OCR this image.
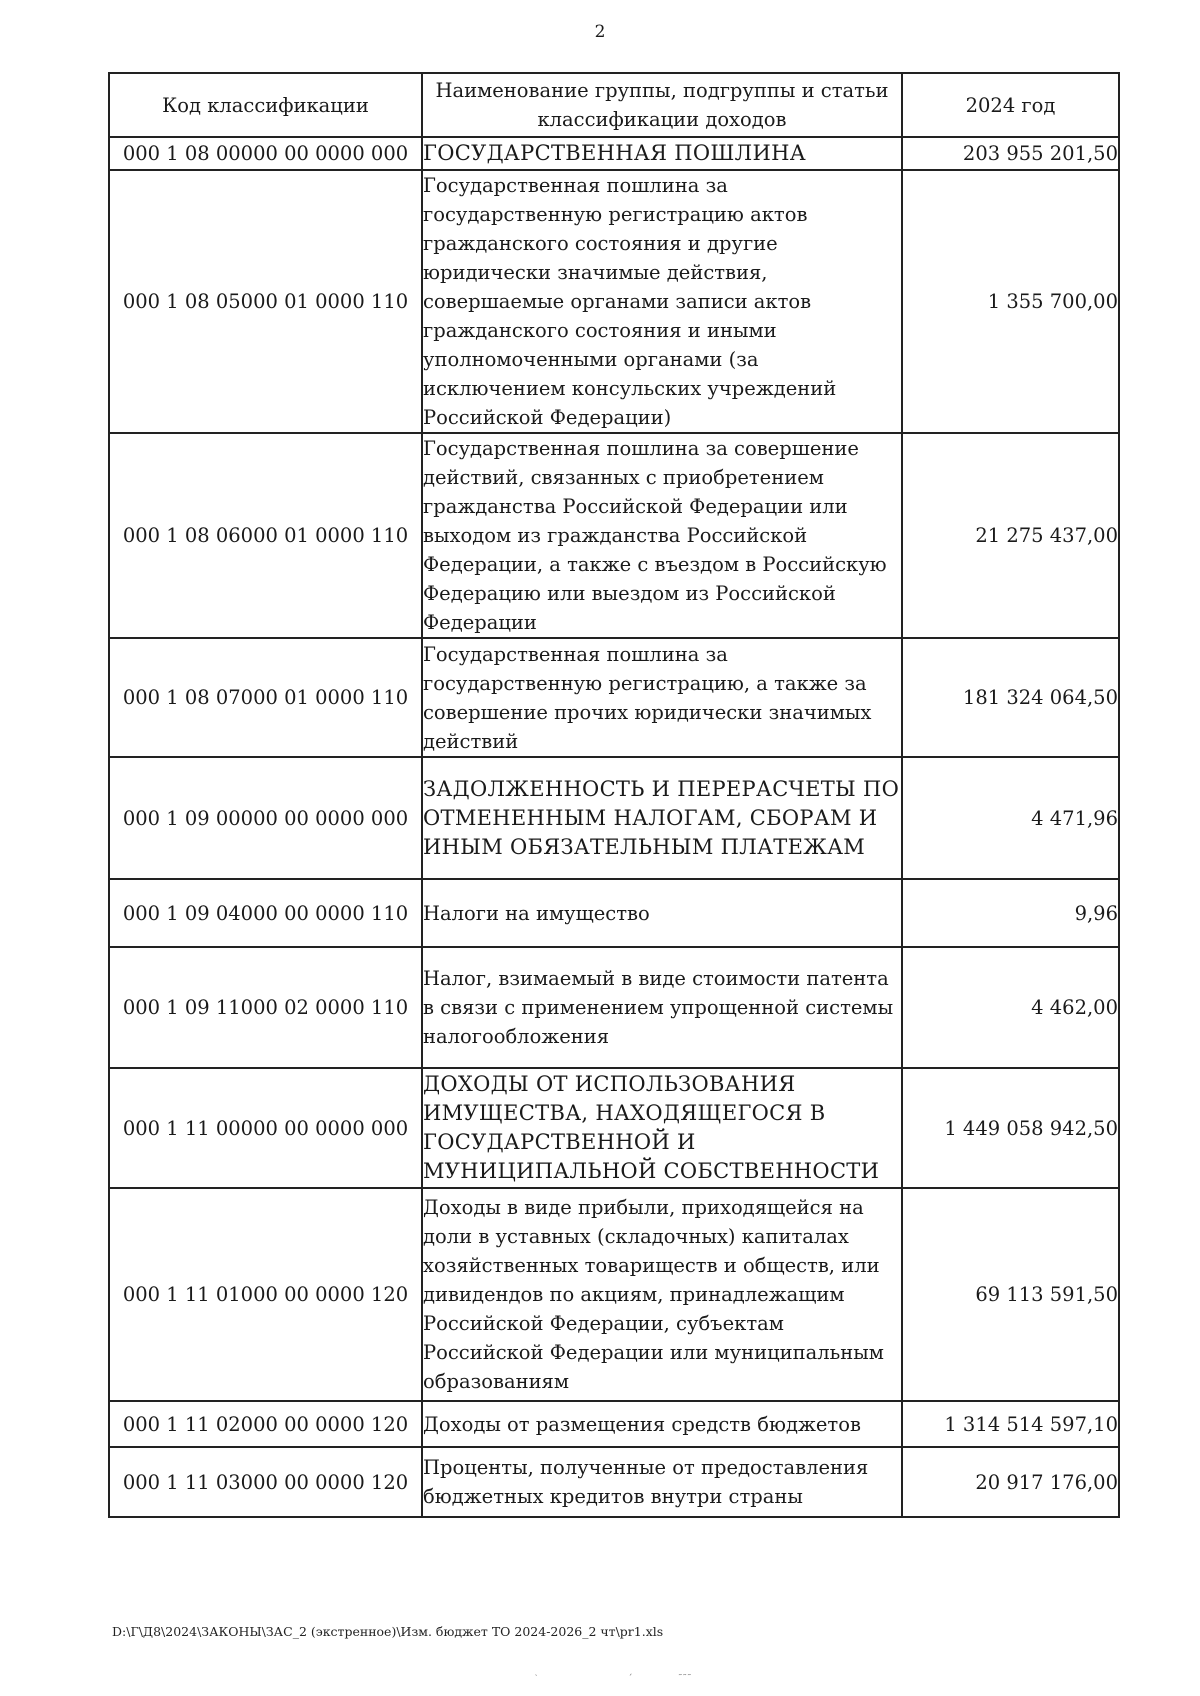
2
Код классификации	Наименование группы, подгруппы и статьи классификации доходов	2024 год
000 1 08 00000 00 0000 000	ГОСУДАРСТВЕННАЯ ПОШЛИНА	203 955 201,50
000 1 08 05000 01 0000 110	Государственная пошлина за государственную регистрацию актов гражданского состояния и другие юридически значимые действия, совершаемые органами записи актов гражданского состояния и иными уполномоченными органами (за исключением консульских учреждений Российской Федерации)	1 355 700,00
000 1 08 06000 01 0000 110	Государственная пошлина за совершение действий, связанных с приобретением гражданства Российской Федерации или выходом из гражданства Российской Федерации, а также с въездом в Российскую Федерацию или выездом из Российской Федерации	21 275 437,00
000 1 08 07000 01 0000 110	Государственная пошлина за государственную регистрацию, а также за совершение прочих юридически значимых действий	181 324 064,50
000 1 09 00000 00 0000 000	ЗАДОЛЖЕННОСТЬ И ПЕРЕРАСЧЕТЫ ПО ОТМЕНЕННЫМ НАЛОГАМ, СБОРАМ И ИНЫМ ОБЯЗАТЕЛЬНЫМ ПЛАТЕЖАМ	4 471,96
000 1 09 04000 00 0000 110	Налоги на имущество	9,96
000 1 09 11000 02 0000 110	Налог, взимаемый в виде стоимости патента в связи с применением упрощенной системы налогообложения	4 462,00
000 1 11 00000 00 0000 000	ДОХОДЫ ОТ ИСПОЛЬЗОВАНИЯ ИМУЩЕСТВА, НАХОДЯЩЕГОСЯ В ГОСУДАРСТВЕННОЙ И МУНИЦИПАЛЬНОЙ СОБСТВЕННОСТИ	1 449 058 942,50
000 1 11 01000 00 0000 120	Доходы в виде прибыли, приходящейся на доли в уставных (складочных) капиталах хозяйственных товариществ и обществ, или дивидендов по акциям, принадлежащим Российской Федерации, субъектам Российской Федерации или муниципальным образованиям	69 113 591,50
000 1 11 02000 00 0000 120	Доходы от размещения средств бюджетов	1 314 514 597,10
000 1 11 03000 00 0000 120	Проценты, полученные от предоставления бюджетных кредитов внутри страны	20 917 176,00
D:\Г\Д8\2024\ЗАКОНЫ\ЗАС_2 (экстренное)\Изм. бюджет ТО 2024-2026_2 чт\pr1.xls
‵	ˊ	˜˜˜
